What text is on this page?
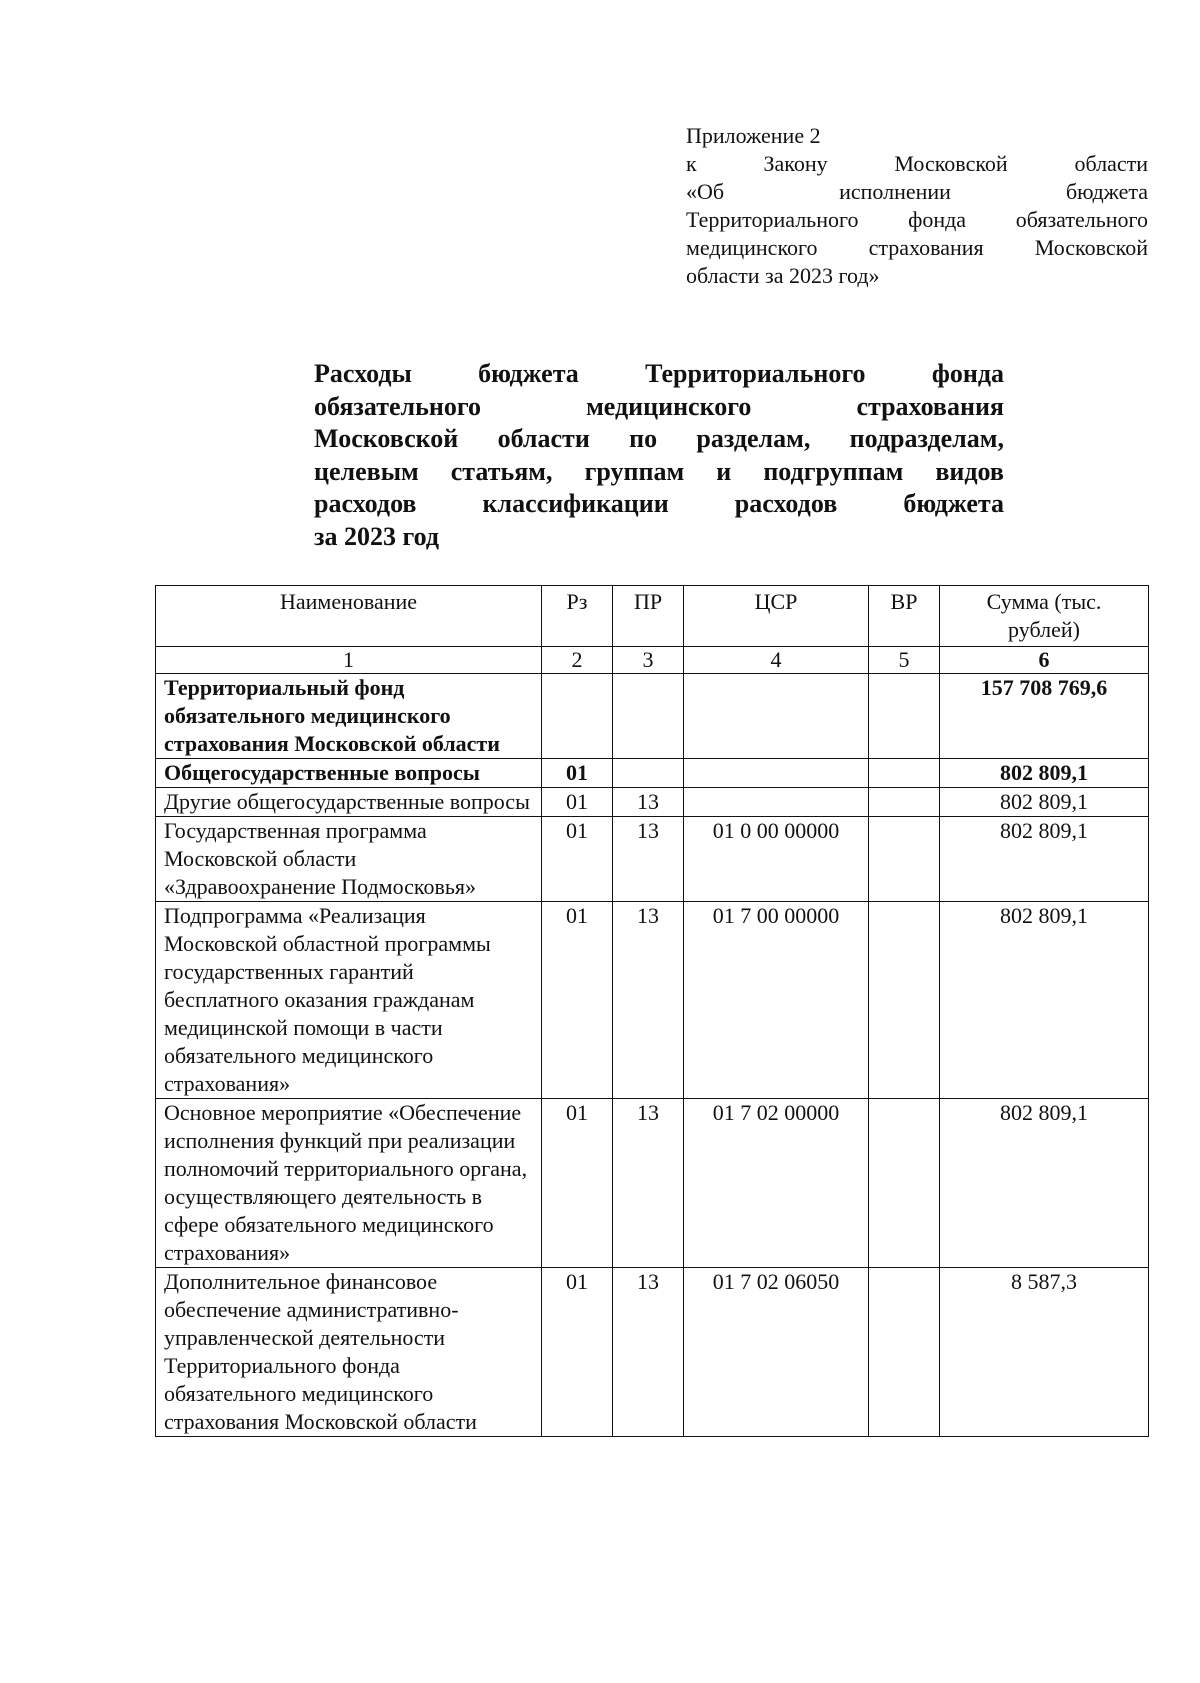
Приложение 2
к	Закону	Московской	области
«Об	исполнении	бюджета
Территориального фонда обязательного
медицинского страхования Московской
области за 2023 год»
Расходы	бюджета	Территориального	фонда
обязательного	медицинского	страхования
Московской области по разделам, подразделам,
целевым статьям, группам и подгруппам видов
расходов	классификации	расходов	бюджета
за 2023 год
Наименование	Рз	ПР	ЦСР	ВР	Сумма (тыс. рублей)
1	2	3	4	5	6
Территориальный фонд обязательного медицинского страхования Московской области					157 708 769,6
Общегосударственные вопросы	01				802 809,1
Другие общегосударственные вопросы	01	13			802 809,1
Государственная программа Московской области «Здравоохранение Подмосковья»	01	13	01 0 00 00000		802 809,1
Подпрограмма «Реализация Московской областной программы государственных гарантий бесплатного оказания гражданам медицинской помощи в части обязательного медицинского страхования»	01	13	01 7 00 00000		802 809,1
Основное мероприятие «Обеспечение исполнения функций при реализации полномочий территориального органа, осуществляющего деятельность в сфере обязательного медицинского страхования»	01	13	01 7 02 00000		802 809,1
Дополнительное финансовое обеспечение административно-управленческой деятельности Территориального фонда обязательного медицинского страхования Московской области	01	13	01 7 02 06050		8 587,3
